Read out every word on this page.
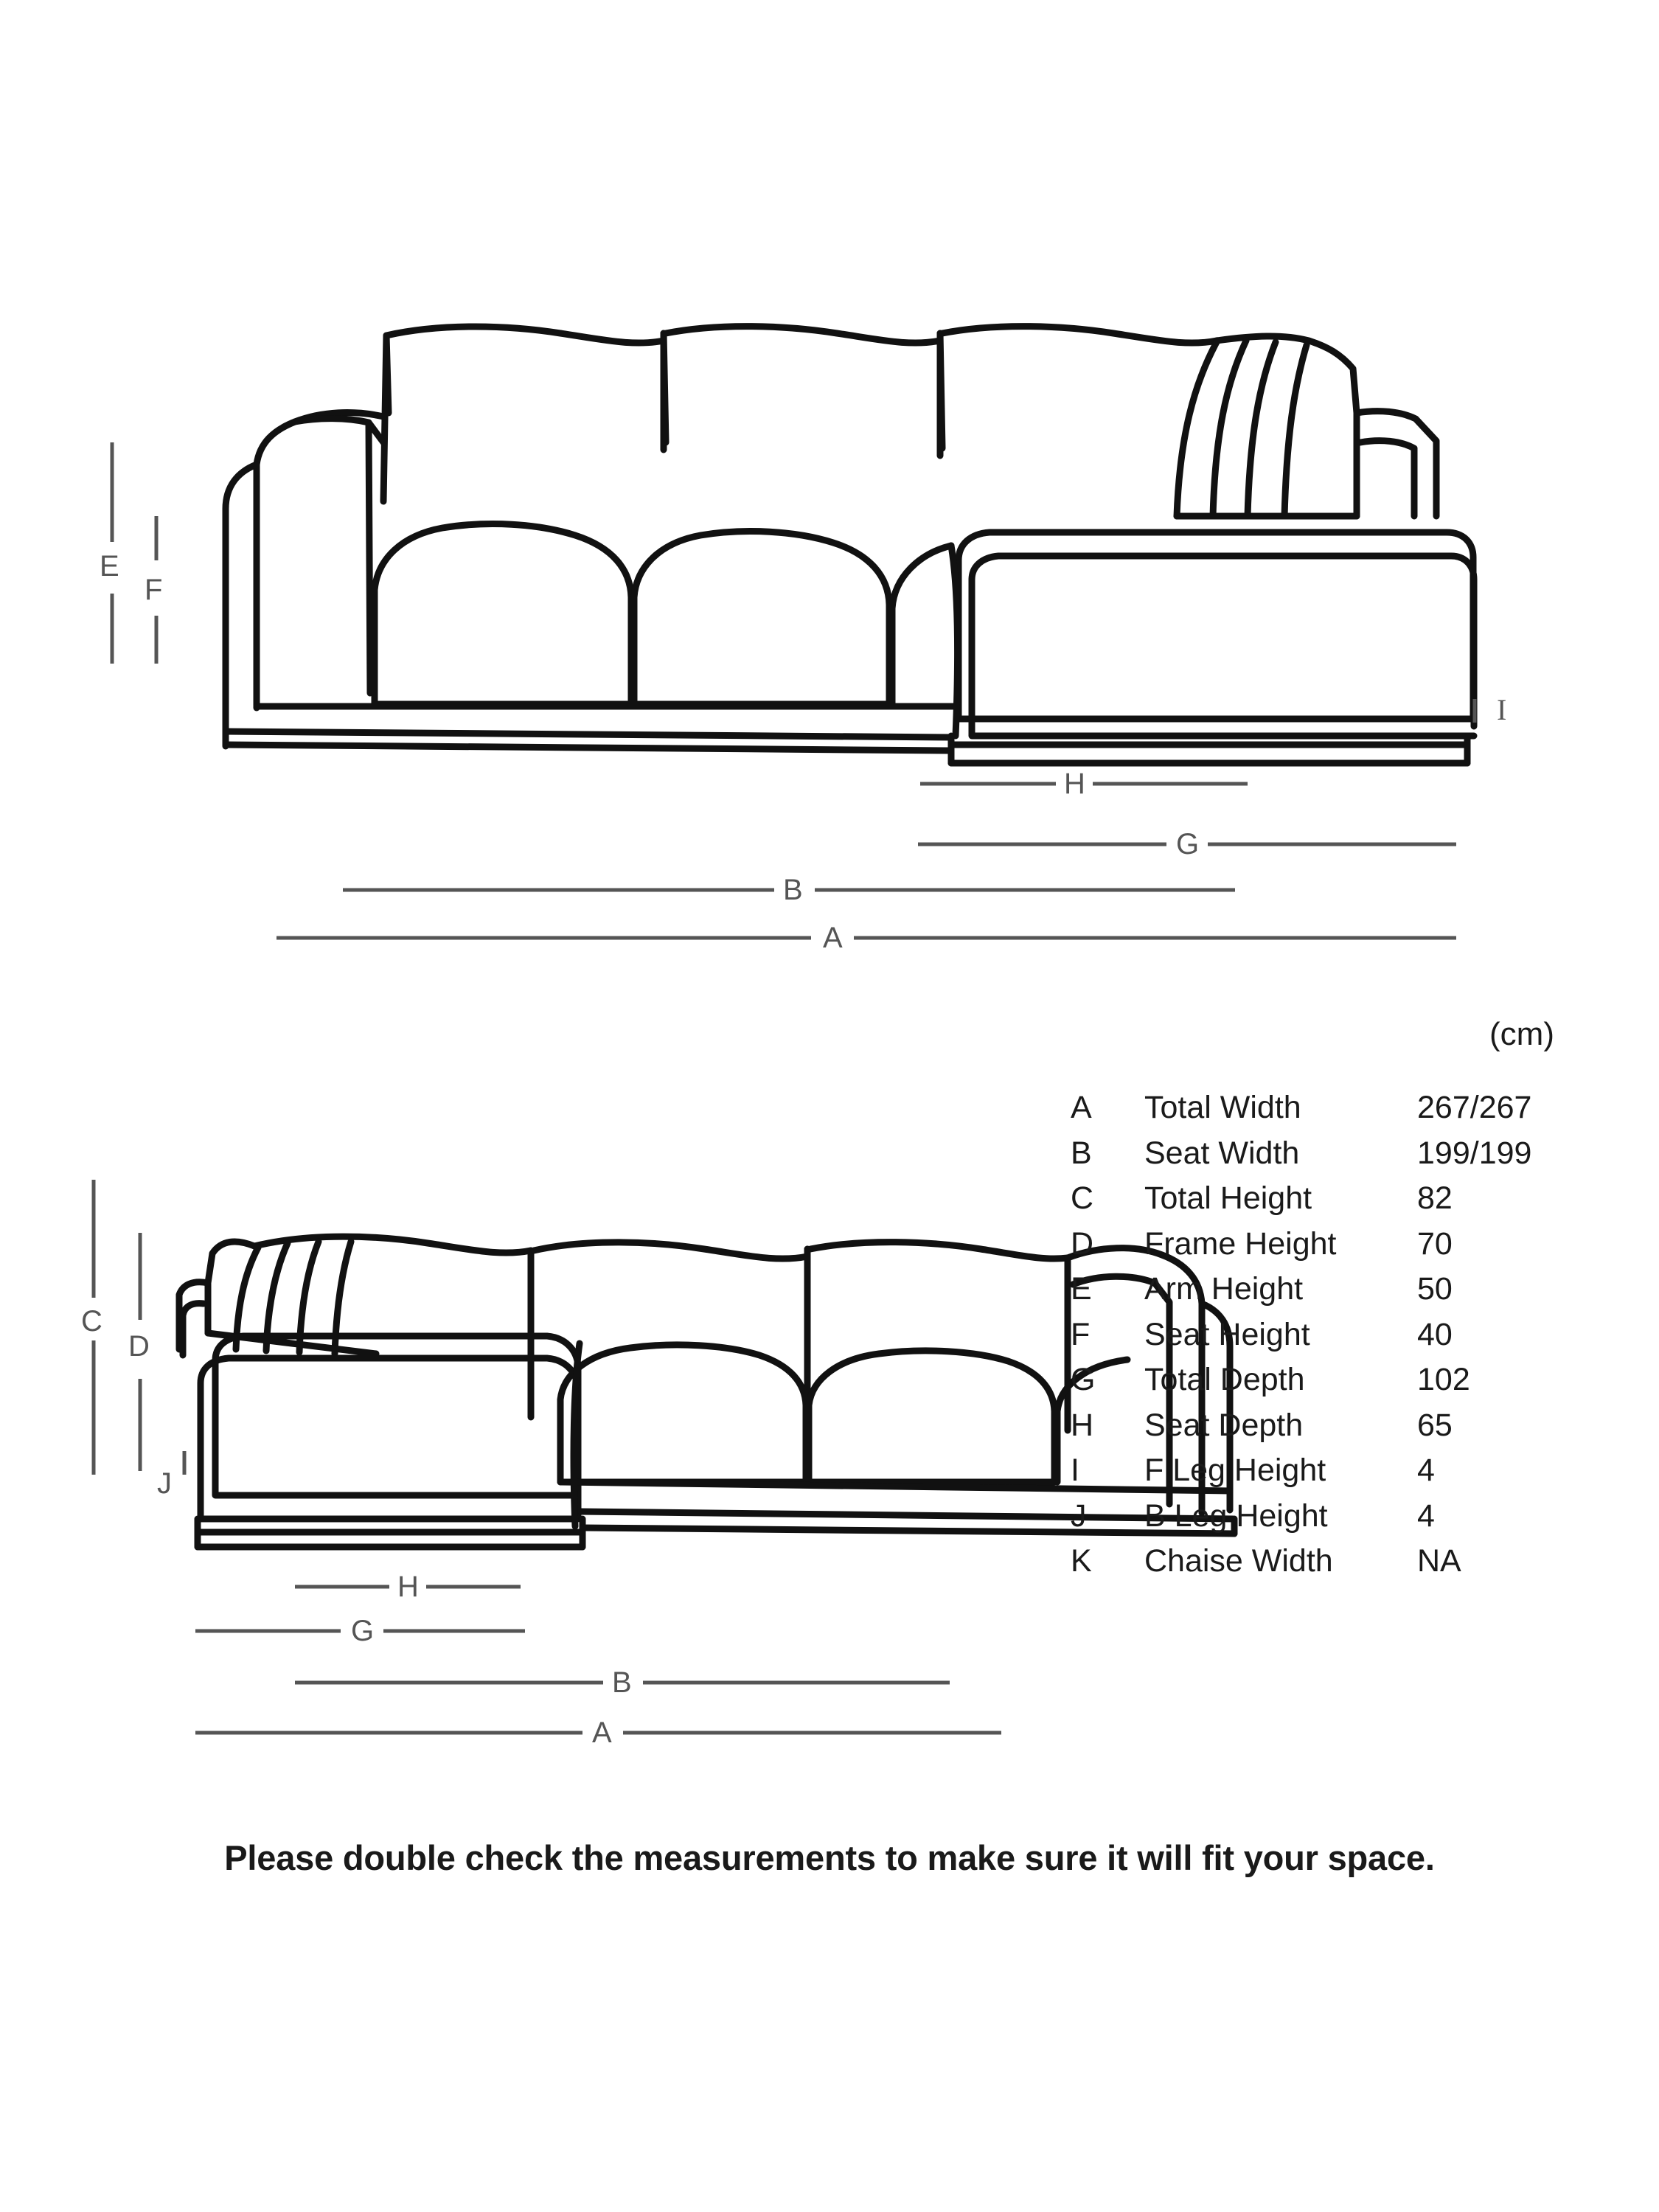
E
F
I
H
G
B
A
C
D
J
H
G
B
A
(cm)
A	Total Width	267/267
B	Seat Width	199/199
C	Total Height	82
D	Frame Height	70
E	Arm Height	50
F	Seat Height	40
G	Total Depth	102
H	Seat Depth	65
I	F Leg Height	4
J	B Leg Height	4
K	Chaise Width	NA
Please double check the measurements to make sure it will fit your space.
